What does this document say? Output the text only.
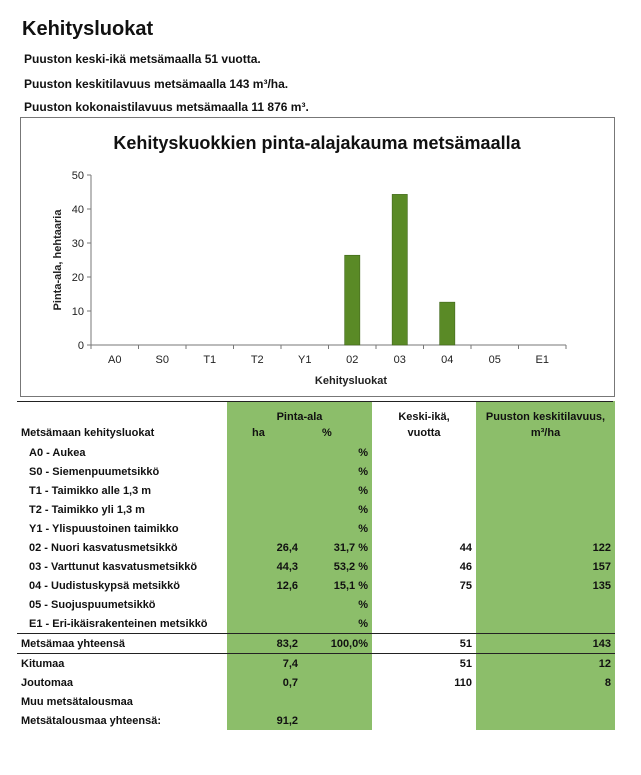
Kehitysluokat
Puuston keski-ikä metsämaalla 51 vuotta.
Puuston keskitilavuus metsämaalla 143 m³/ha.
Puuston kokonaistilavuus metsämaalla 11 876 m³.
Kehityskuokkien pinta-alajakauma metsämaalla
0
10
20
30
40
50
A0	S0	T1	T2	Y1	02	03	04	05	E1
Kehitysluokat
Pinta-ala, hehtaaria
	Pinta-ala		Keski-ikä,	Puuston keskitilavuus,
Metsämaan kehitysluokat	ha	%	vuotta	m³/ha
A0 - Aukea		%		
S0 - Siemenpuumetsikkö		%		
T1 - Taimikko alle 1,3 m		%		
T2 - Taimikko yli 1,3 m		%		
Y1 - Ylispuustoinen taimikko		%		
02 - Nuori kasvatusmetsikkö	26,4	31,7 %	44	122
03 - Varttunut kasvatusmetsikkö	44,3	53,2 %	46	157
04 - Uudistuskypsä metsikkö	12,6	15,1 %	75	135
05 - Suojuspuumetsikkö		%		
E1 - Eri-ikäisrakenteinen metsikkö		%		
Metsämaa yhteensä	83,2	100,0%	51	143
Kitumaa	7,4		51	12
Joutomaa	0,7		110	8
Muu metsätalousmaa				
Metsätalousmaa yhteensä:	91,2			
